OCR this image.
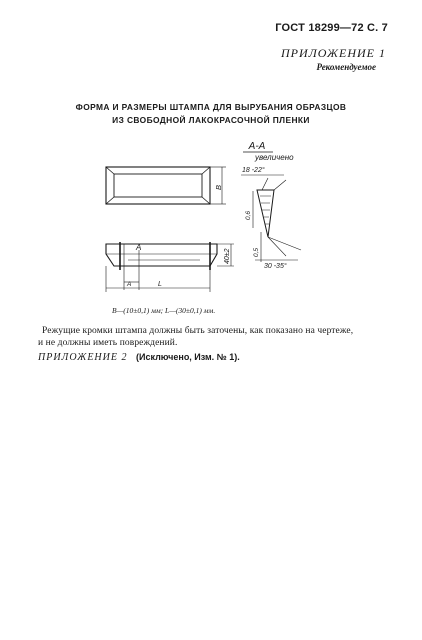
ГОСТ 18299—72 С. 7
ПРИЛОЖЕНИЕ 1
Рекомендуемое
ФОРМА И РАЗМЕРЫ ШТАМПА ДЛЯ ВЫРУБАНИЯ ОБРАЗЦОВ
ИЗ СВОБОДНОЙ ЛАКОКРАСОЧНОЙ ПЛЕНКИ
А-А
увеличено
18 -22°
30 -35°
В
40±2
0,6
0,5
А
А	L
В—(10±0,1) мм; L—(30±0,1) мм.
Режущие кромки штампа должны быть заточены, как показано на чертеже,
и не должны иметь повреждений.
ПРИЛОЖЕНИЕ 2 (Исключено, Изм. № 1).
